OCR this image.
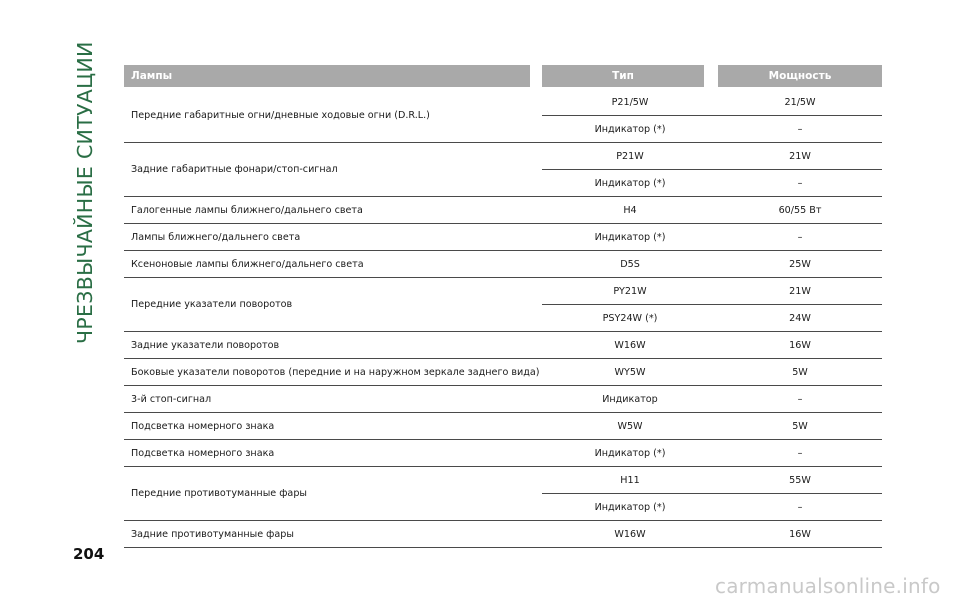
ЧРЕЗВЫЧАЙНЫЕ СИТУАЦИИ	Лампы	Тип	Мощность
Передние габаритные огни/дневные ходовые огни (D.R.L.)
P21/5W	21/5W
Индикатор (*)	–
Задние габаритные фонари/стоп-сигнал
P21W	21W
Индикатор (*)	–
Галогенные лампы ближнего/дальнего света	H4	60/55 Вт
Лампы ближнего/дальнего света	Индикатор (*)	–
Ксеноновые лампы ближнего/дальнего света	D5S	25W
Передние указатели поворотов
PY21W	21W
PSY24W (*)	24W
Задние указатели поворотов	W16W	16W
Боковые указатели поворотов (передние и на наружном зеркале заднего вида)	WY5W	5W
3-й стоп-сигнал	Индикатор	–
Подсветка номерного знака	W5W	5W
Подсветка номерного знака	Индикатор (*)	–
Передние противотуманные фары
H11	55W
Индикатор (*)	–
Задние противотуманные фары	W16W	16W
204
carmanualsonline.info
